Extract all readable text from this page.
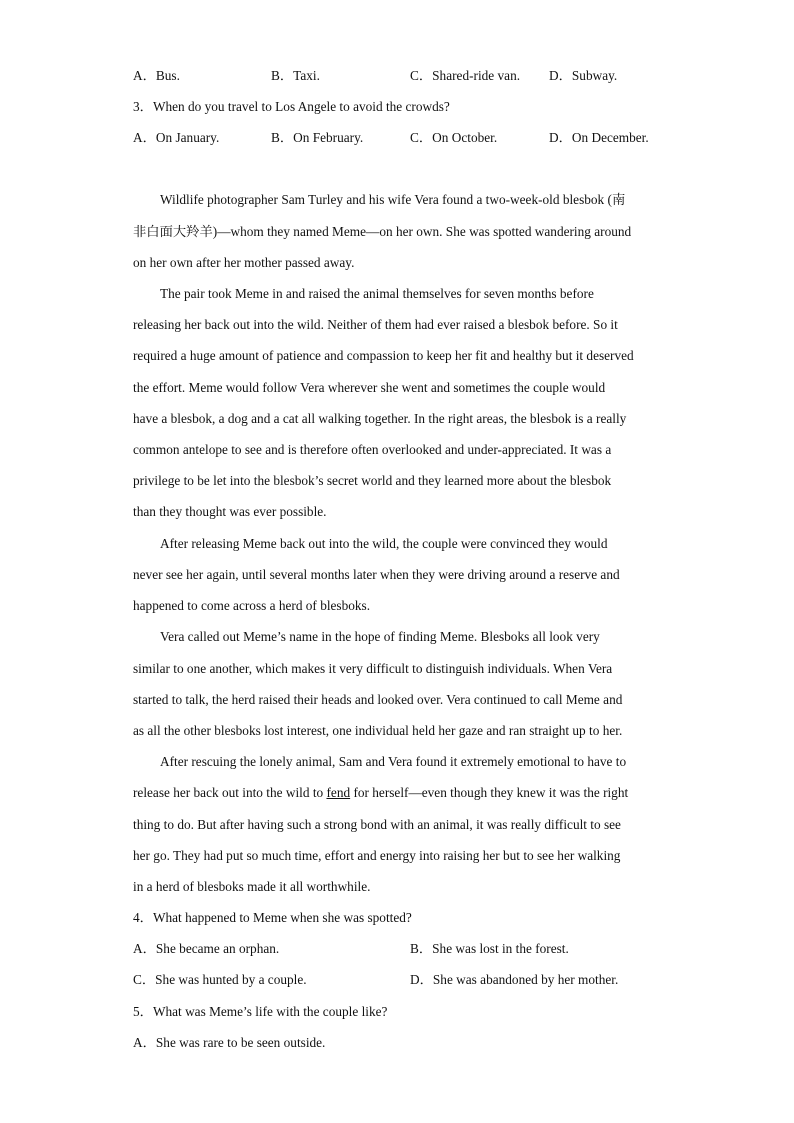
A．Bus.	B．Taxi.	C．Shared-ride van. D．Subway.
3．When do you travel to Los Angele to avoid the crowds?
A．On January.	B．On February.	C．On October.	D．On December.
Wildlife photographer Sam Turley and his wife Vera found a two-week-old blesbok (南
非白面大羚羊)—whom they named Meme—on her own. She was spotted wandering around
on her own after her mother passed away.
The pair took Meme in and raised the animal themselves for seven months before
releasing her back out into the wild. Neither of them had ever raised a blesbok before. So it
required a huge amount of patience and compassion to keep her fit and healthy but it deserved
the effort. Meme would follow Vera wherever she went and sometimes the couple would
have a blesbok, a dog and a cat all walking together. In the right areas, the blesbok is a really
common antelope to see and is therefore often overlooked and under-appreciated. It was a
privilege to be let into the blesbok’s secret world and they learned more about the blesbok
than they thought was ever possible.
After releasing Meme back out into the wild, the couple were convinced they would
never see her again, until several months later when they were driving around a reserve and
happened to come across a herd of blesboks.
Vera called out Meme’s name in the hope of finding Meme. Blesboks all look very
similar to one another, which makes it very difficult to distinguish individuals. When Vera
started to talk, the herd raised their heads and looked over. Vera continued to call Meme and
as all the other blesboks lost interest, one individual held her gaze and ran straight up to her.
After rescuing the lonely animal, Sam and Vera found it extremely emotional to have to
release her back out into the wild to fend for herself—even though they knew it was the right
thing to do. But after having such a strong bond with an animal, it was really difficult to see
her go. They had put so much time, effort and energy into raising her but to see her walking
in a herd of blesboks made it all worthwhile.
4．What happened to Meme when she was spotted?
A．She became an orphan.	B．She was lost in the forest.
C．She was hunted by a couple.	D．She was abandoned by her mother.
5．What was Meme’s life with the couple like?
A．She was rare to be seen outside.
